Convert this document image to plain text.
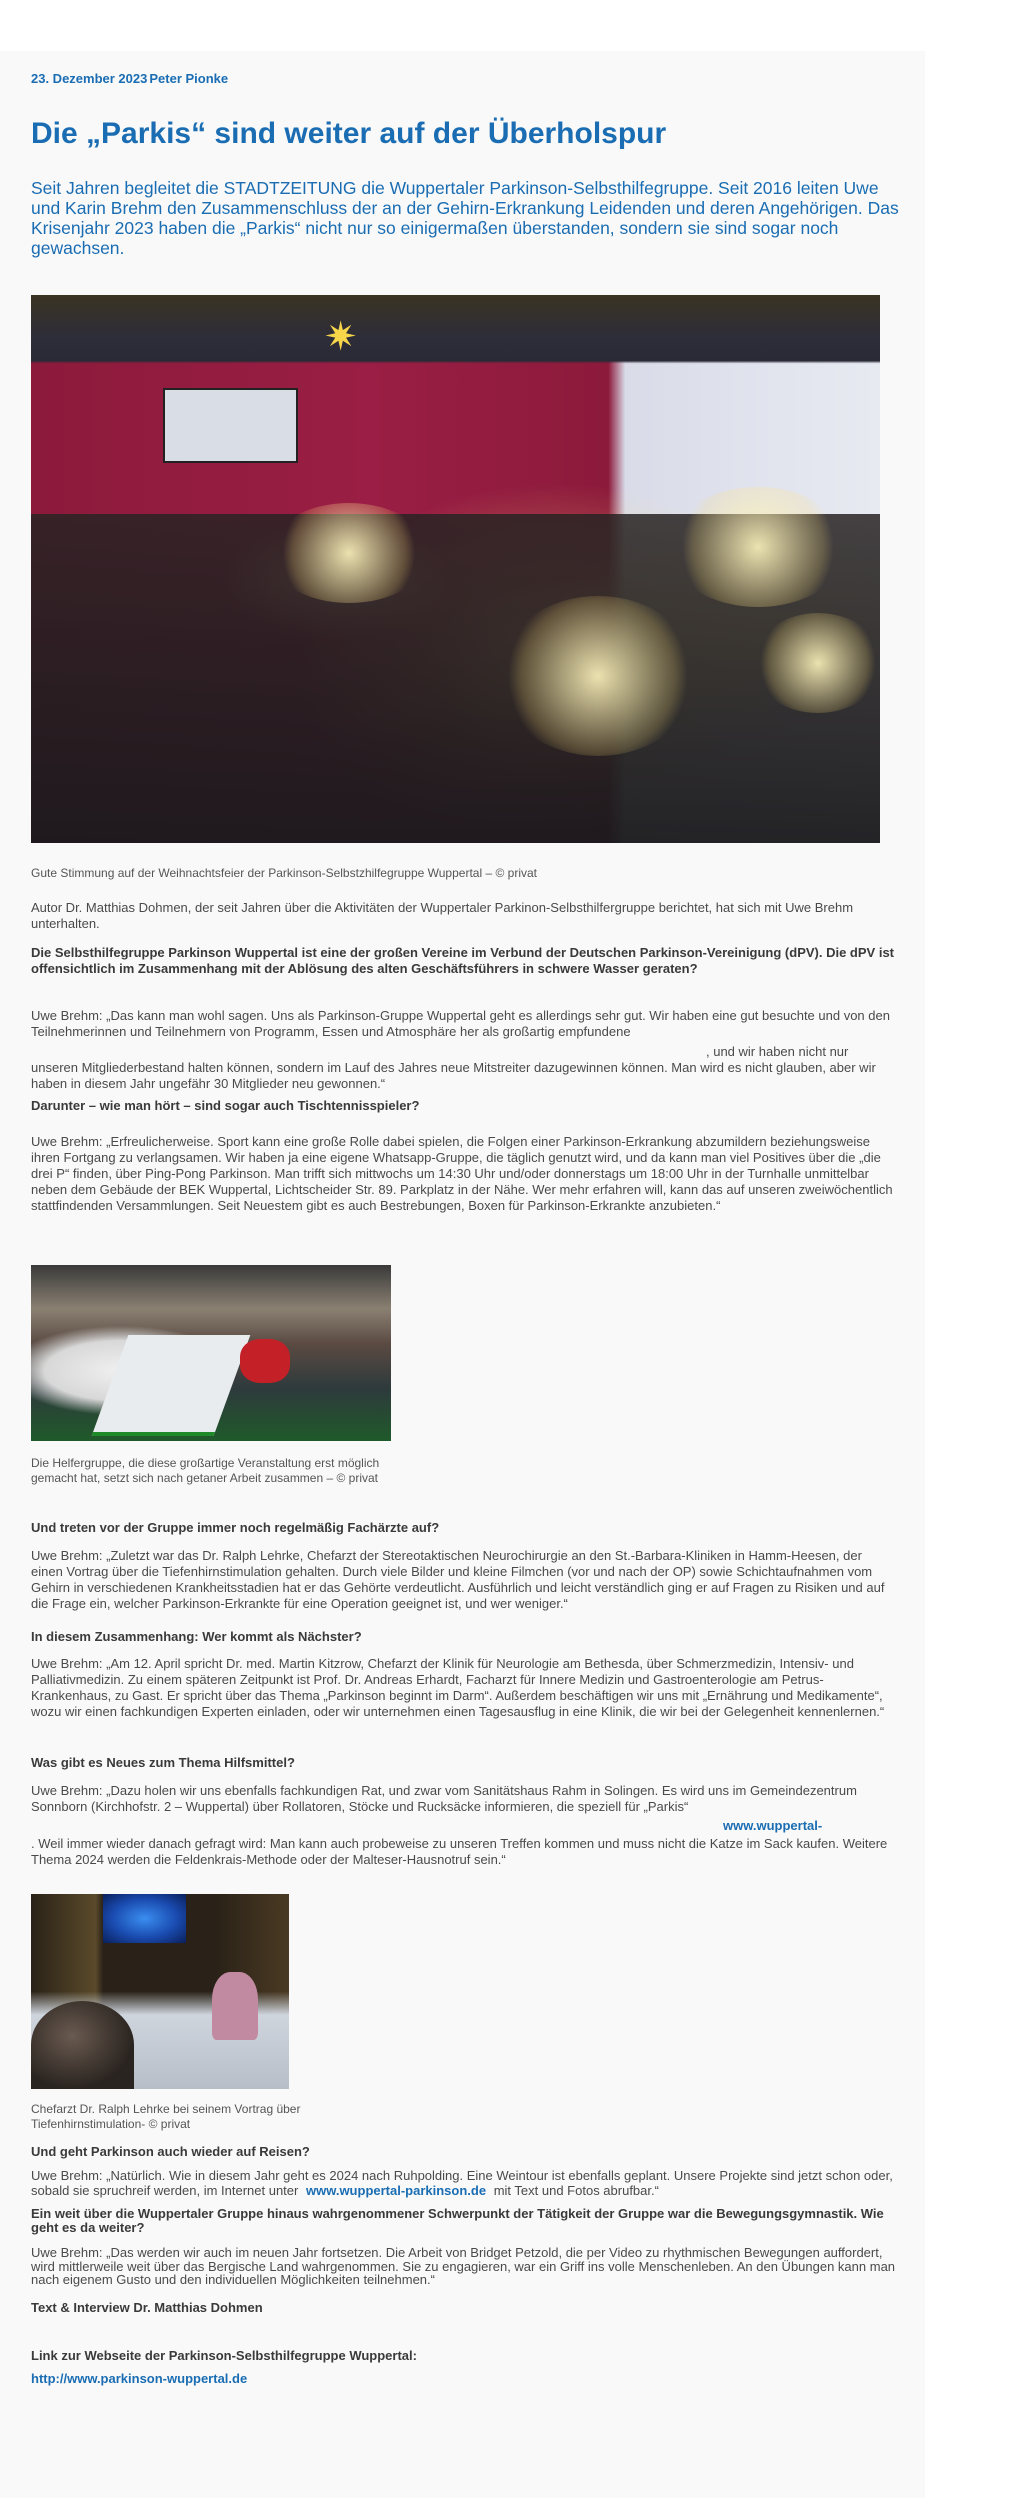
23. Dezember 2023 Peter Pionke
Die „Parkis“ sind weiter auf der Überholspur
Seit Jahren begleitet die STADTZEITUNG die Wuppertaler Parkinson-Selbsthilfegruppe. Seit 2016 leiten Uwe und Karin Brehm den Zusammenschluss der an der Gehirn-Erkrankung Leidenden und deren Angehörigen. Das Krisenjahr 2023 haben die „Parkis“ nicht nur so einigermaßen überstanden, sondern sie sind sogar noch gewachsen.
✷
Gute Stimmung auf der Weihnachtsfeier der Parkinson-Selbstzhilfegruppe Wuppertal – © privat
Autor Dr. Matthias Dohmen, der seit Jahren über die Aktivitäten der Wuppertaler Parkinon-Selbsthilfergruppe berichtet, hat sich mit Uwe Brehm unterhalten.
Die Selbsthilfegruppe Parkinson Wuppertal ist eine der großen Vereine im Verbund der Deutschen Parkinson-Vereinigung (dPV). Die dPV ist offensichtlich im Zusammenhang mit der Ablösung des alten Geschäftsführers in schwere Wasser geraten?
Uwe Brehm: „Das kann man wohl sagen. Uns als Parkinson-Gruppe Wuppertal geht es allerdings sehr gut. Wir haben eine gut besuchte und von den Teilnehmerinnen und Teilnehmern von Programm, Essen und Atmosphäre her als großartig empfundene
, und wir haben nicht nur
unseren Mitgliederbestand halten können, sondern im Lauf des Jahres neue Mitstreiter dazugewinnen können. Man wird es nicht glauben, aber wir haben in diesem Jahr ungefähr 30 Mitglieder neu gewonnen.“
Darunter – wie man hört – sind sogar auch Tischtennisspieler?
Uwe Brehm: „Erfreulicherweise. Sport kann eine große Rolle dabei spielen, die Folgen einer Parkinson-Erkrankung abzumildern beziehungsweise ihren Fortgang zu verlangsamen. Wir haben ja eine eigene Whatsapp-Gruppe, die täglich genutzt wird, und da kann man viel Positives über die „die drei P“ finden, über Ping-Pong Parkinson. Man trifft sich mittwochs um 14:30 Uhr und/oder donnerstags um 18:00 Uhr in der Turnhalle unmittelbar neben dem Gebäude der BEK Wuppertal, Lichtscheider Str. 89. Parkplatz in der Nähe. Wer mehr erfahren will, kann das auf unseren zweiwöchentlich stattfindenden Versammlungen. Seit Neuestem gibt es auch Bestrebungen, Boxen für Parkinson-Erkrankte anzubieten.“
Die Helfergruppe, die diese großartige Veranstaltung erst möglich gemacht hat, setzt sich nach getaner Arbeit zusammen – © privat
Und treten vor der Gruppe immer noch regelmäßig Fachärzte auf?
Uwe Brehm: „Zuletzt war das Dr. Ralph Lehrke, Chefarzt der Stereotaktischen Neurochirurgie an den St.-Barbara-Kliniken in Hamm-Heesen, der einen Vortrag über die Tiefenhirnstimulation gehalten. Durch viele Bilder und kleine Filmchen (vor und nach der OP) sowie Schichtaufnahmen vom Gehirn in verschiedenen Krankheitsstadien hat er das Gehörte verdeutlicht. Ausführlich und leicht verständlich ging er auf Fragen zu Risiken und auf die Frage ein, welcher Parkinson-Erkrankte für eine Operation geeignet ist, und wer weniger.“
In diesem Zusammenhang: Wer kommt als Nächster?
Uwe Brehm: „Am 12. April spricht Dr. med. Martin Kitzrow, Chefarzt der Klinik für Neurologie am Bethesda, über Schmerzmedizin, Intensiv- und Palliativmedizin. Zu einem späteren Zeitpunkt ist Prof. Dr. Andreas Erhardt, Facharzt für Innere Medizin und Gastroenterologie am Petrus-Krankenhaus, zu Gast. Er spricht über das Thema „Parkinson beginnt im Darm“. Außerdem beschäftigen wir uns mit „Ernährung und Medikamente“, wozu wir einen fachkundigen Experten einladen, oder wir unternehmen einen Tagesausflug in eine Klinik, die wir bei der Gelegenheit kennenlernen.“
Was gibt es Neues zum Thema Hilfsmittel?
Uwe Brehm: „Dazu holen wir uns ebenfalls fachkundigen Rat, und zwar vom Sanitätshaus Rahm in Solingen. Es wird uns im Gemeindezentrum Sonnborn (Kirchhofstr. 2 – Wuppertal) über Rollatoren, Stöcke und Rucksäcke informieren, die speziell für „Parkis“
www.wuppertal-
. Weil immer wieder danach gefragt wird: Man kann auch probeweise zu unseren Treffen kommen und muss nicht die Katze im Sack kaufen. Weitere Thema 2024 werden die Feldenkrais-Methode oder der Malteser-Hausnotruf sein.“
Chefarzt Dr. Ralph Lehrke bei seinem Vortrag über Tiefenhirnstimulation- © privat
Und geht Parkinson auch wieder auf Reisen?
Uwe Brehm: „Natürlich. Wie in diesem Jahr geht es 2024 nach Ruhpolding. Eine Weintour ist ebenfalls geplant. Unsere Projekte sind jetzt schon oder, sobald sie spruchreif werden, im Internet unter www.wuppertal-parkinson.de mit Text und Fotos abrufbar.“
Ein weit über die Wuppertaler Gruppe hinaus wahrgenommener Schwerpunkt der Tätigkeit der Gruppe war die Bewegungsgymnastik. Wie geht es da weiter?
Uwe Brehm: „Das werden wir auch im neuen Jahr fortsetzen. Die Arbeit von Bridget Petzold, die per Video zu rhythmischen Bewegungen auffordert, wird mittlerweile weit über das Bergische Land wahrgenommen. Sie zu engagieren, war ein Griff ins volle Menschenleben. An den Übungen kann man nach eigenem Gusto und den individuellen Möglichkeiten teilnehmen.“
Text & Interview Dr. Matthias Dohmen
Link zur Webseite der Parkinson-Selbsthilfegruppe Wuppertal:
http://www.parkinson-wuppertal.de
